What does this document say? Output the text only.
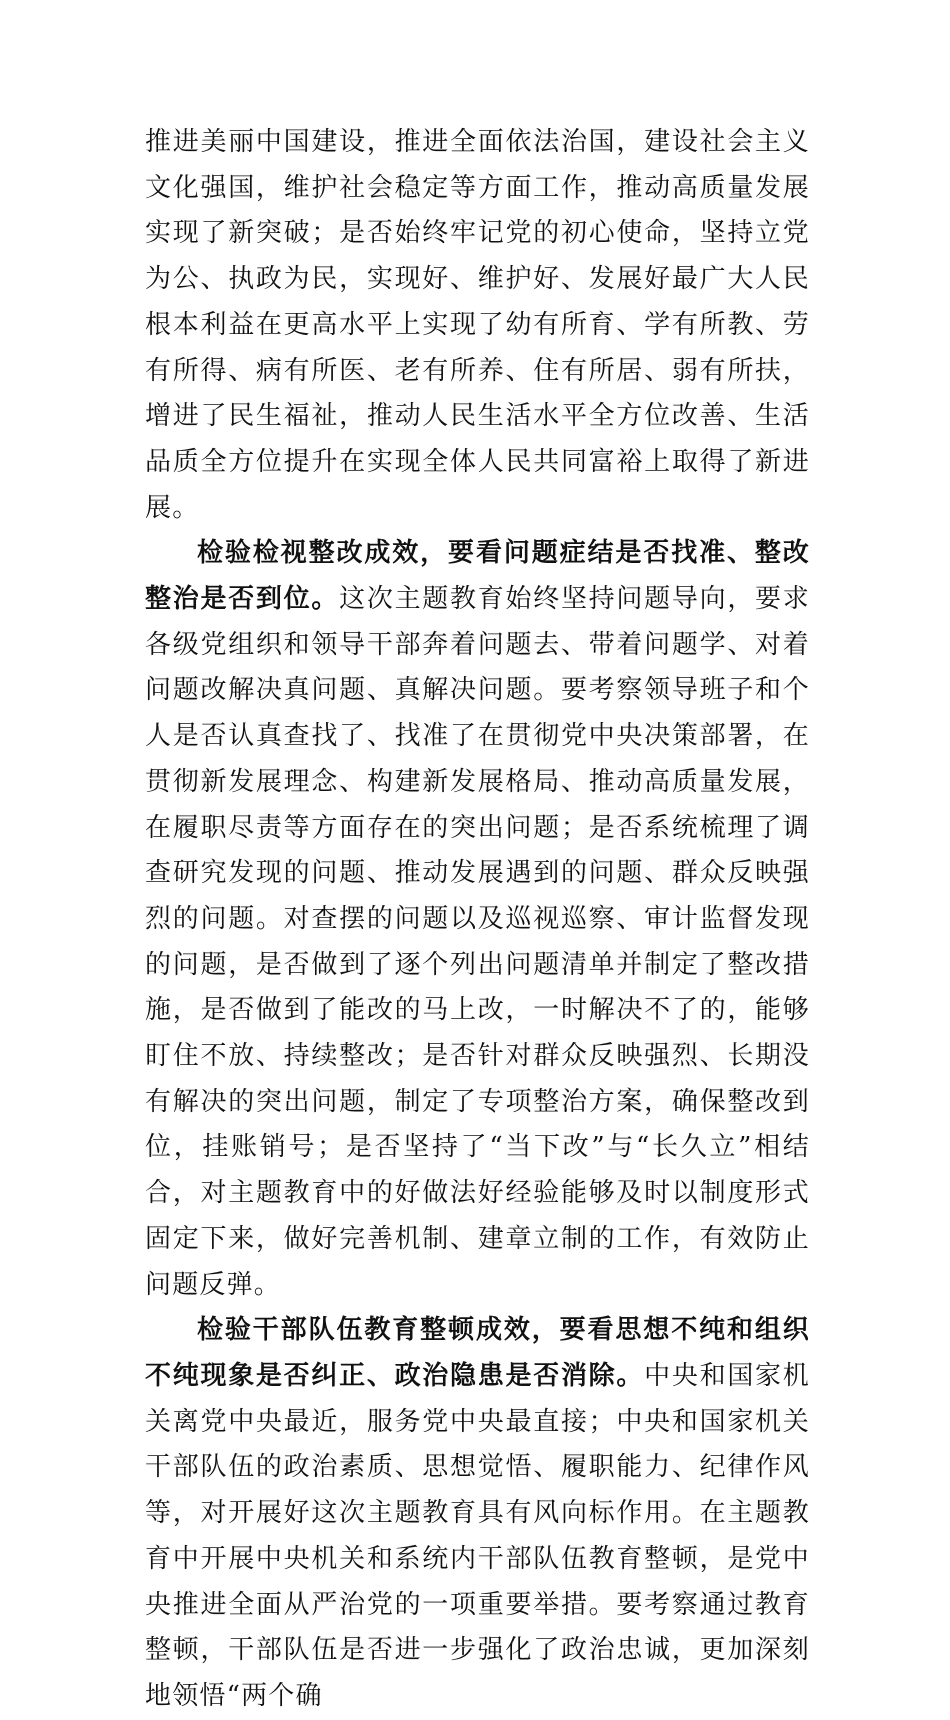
推进美丽中国建设，推进全面依法治国，建设社会主义文化强国，维护社会稳定等方面工作，推动高质量发展实现了新突破；是否始终牢记党的初心使命，坚持立党为公、执政为民，实现好、维护好、发展好最广大人民根本利益在更高水平上实现了幼有所育、学有所教、劳有所得、病有所医、老有所养、住有所居、弱有所扶，增进了民生福祉，推动人民生活水平全方位改善、生活品质全方位提升在实现全体人民共同富裕上取得了新进展。

检验检视整改成效，要看问题症结是否找准、整改整治是否到位。这次主题教育始终坚持问题导向，要求各级党组织和领导干部奔着问题去、带着问题学、对着问题改解决真问题、真解决问题。要考察领导班子和个人是否认真查找了、找准了在贯彻党中央决策部署，在贯彻新发展理念、构建新发展格局、推动高质量发展，在履职尽责等方面存在的突出问题；是否系统梳理了调查研究发现的问题、推动发展遇到的问题、群众反映强烈的问题。对查摆的问题以及巡视巡察、审计监督发现的问题，是否做到了逐个列出问题清单并制定了整改措施，是否做到了能改的马上改，一时解决不了的，能够盯住不放、持续整改；是否针对群众反映强烈、长期没有解决的突出问题，制定了专项整治方案，确保整改到位，挂账销号；是否坚持了“当下改”与“长久立”相结合，对主题教育中的好做法好经验能够及时以制度形式固定下来，做好完善机制、建章立制的工作，有效防止问题反弹。

检验干部队伍教育整顿成效，要看思想不纯和组织不纯现象是否纠正、政治隐患是否消除。中央和国家机关离党中央最近，服务党中央最直接；中央和国家机关干部队伍的政治素质、思想觉悟、履职能力、纪律作风等，对开展好这次主题教育具有风向标作用。在主题教育中开展中央机关和系统内干部队伍教育整顿，是党中央推进全面从严治党的一项重要举措。要考察通过教育整顿，干部队伍是否进一步强化了政治忠诚，更加深刻地领悟“两个确
